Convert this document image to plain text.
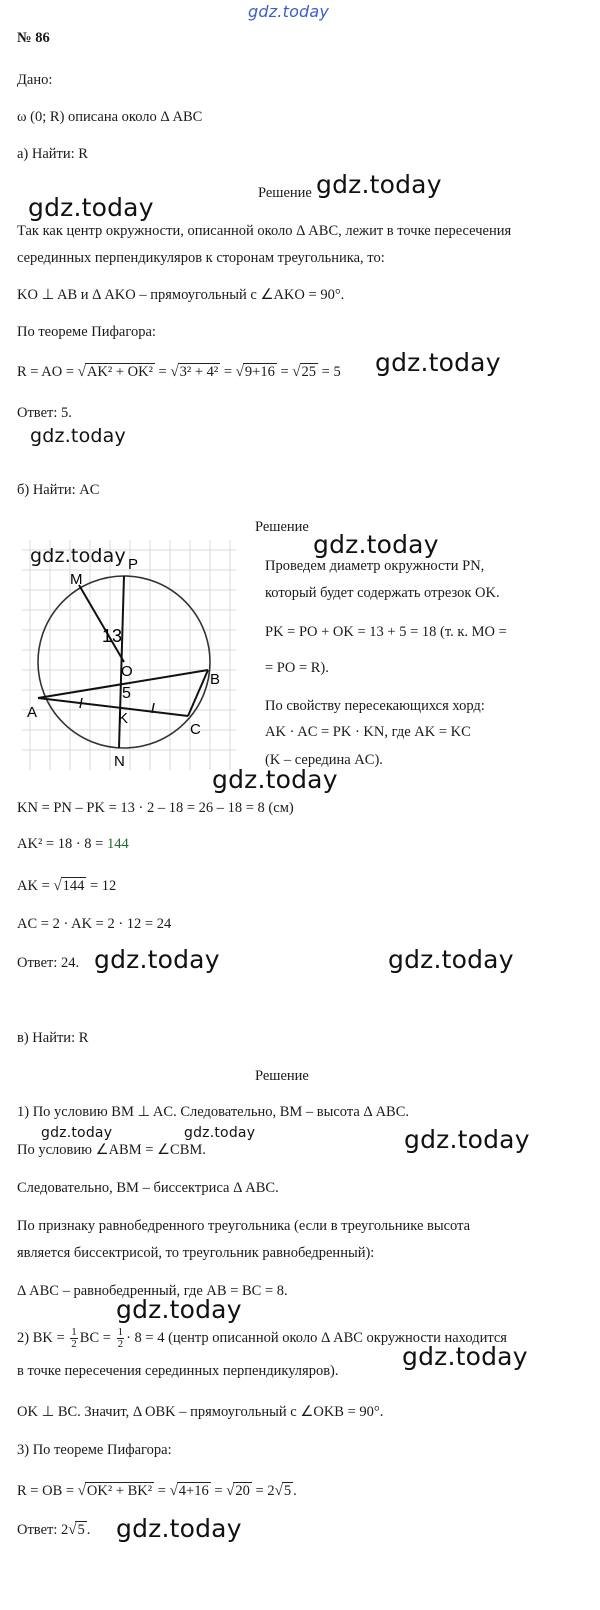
gdz.today
№ 86
Дано:
ω (0; R) описана около Δ ABC
а) Найти: R
Решение gdz.today
gdz.today
Так как центр окружности, описанной около Δ ABC, лежит в точке пересечения
серединных перпендикуляров к сторонам треугольника, то:
KO ⊥ AB и Δ AKO – прямоугольный с ∠AKO = 90°.
По теореме Пифагора:
R = AO = √AK² + OK² = √3² + 4² = √9+16 = √25 = 5 gdz.today
Ответ: 5.
gdz.today
б) Найти: AC
Решение
gdz.today
M
P
13
O	B
5
A	K
C
N
gdz.today	Проведем диаметр окружности PN,
который будет содержать отрезок OK.
PK = PO + OK = 13 + 5 = 18 (т. к. MO =
= PO = R).
По свойству пересекающихся хорд:
AK · AC = PK · KN, где AK = KC
(K – середина AC).
gdz.today
KN = PN – PK = 13 · 2 – 18 = 26 – 18 = 8 (см)
AK² = 18 · 8 = 144
AK = √144 = 12
AC = 2 · AK = 2 · 12 = 24
Ответ: 24. gdz.today	gdz.today
в) Найти: R
Решение
1) По условию BM ⊥ AC. Следовательно, BM – высота Δ ABC.
gdz.today	gdz.today
По условию ∠ABM = ∠CBM.	gdz.today
Следовательно, BM – биссектриса Δ ABC.
По признаку равнобедренного треугольника (если в треугольнике высота
является биссектрисой, то треугольник равнобедренный):
Δ ABC – равнобедренный, где AB = BC = 8.
gdz.today
2) BK = $\frac{1}{2}$ BC = $\frac{1}{2} \cdot 8 = 4$ (центр описанной около Δ ABC окружности находится
в точке пересечения серединных перпендикуляров).	gdz.today
OK ⊥ BC. Значит, Δ OBK – прямоугольный с ∠OKB = 90°.
3) По теореме Пифагора:
R = OB = √OK² + BK² = √4+16 = √20 = 2√5 .
Ответ: 2√5 . gdz.today
